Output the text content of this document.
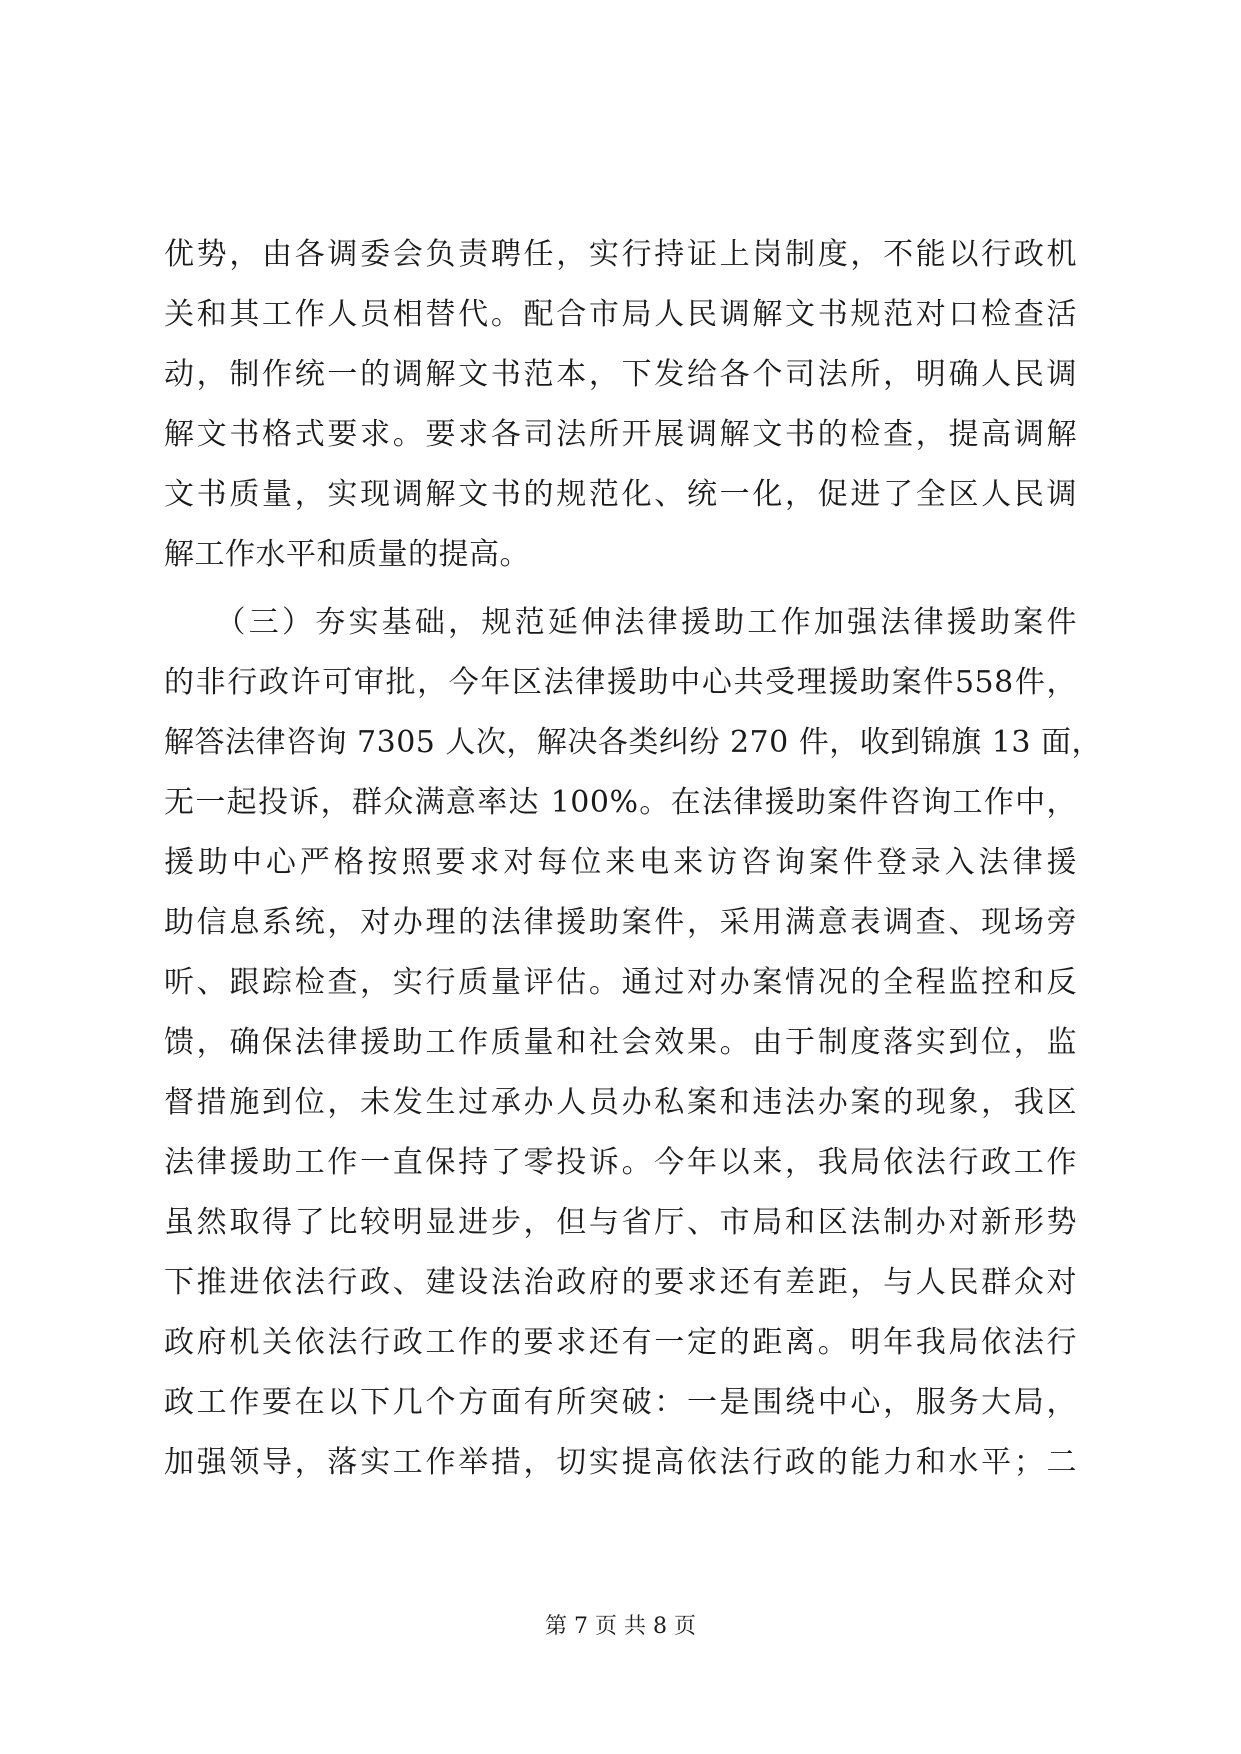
优势，由各调委会负责聘任，实行持证上岗制度，不能以行政机
关和其工作人员相替代。配合市局人民调解文书规范对口检查活
动，制作统一的调解文书范本，下发给各个司法所，明确人民调
解文书格式要求。要求各司法所开展调解文书的检查，提高调解
文书质量，实现调解文书的规范化、统一化，促进了全区人民调
解工作水平和质量的提高。
　　（三）夯实基础，规范延伸法律援助工作加强法律援助案件
的非行政许可审批，今年区法律援助中心共受理援助案件558件，
解答法律咨询 7305 人次，解决各类纠纷 270 件，收到锦旗 13 面，
无一起投诉，群众满意率达 100%。在法律援助案件咨询工作中，
援助中心严格按照要求对每位来电来访咨询案件登录入法律援
助信息系统，对办理的法律援助案件，采用满意表调查、现场旁
听、跟踪检查，实行质量评估。通过对办案情况的全程监控和反
馈，确保法律援助工作质量和社会效果。由于制度落实到位，监
督措施到位，未发生过承办人员办私案和违法办案的现象，我区
法律援助工作一直保持了零投诉。今年以来，我局依法行政工作
虽然取得了比较明显进步，但与省厅、市局和区法制办对新形势
下推进依法行政、建设法治政府的要求还有差距，与人民群众对
政府机关依法行政工作的要求还有一定的距离。明年我局依法行
政工作要在以下几个方面有所突破：一是围绕中心，服务大局，
加强领导，落实工作举措，切实提高依法行政的能力和水平；二
第 7 页 共 8 页
